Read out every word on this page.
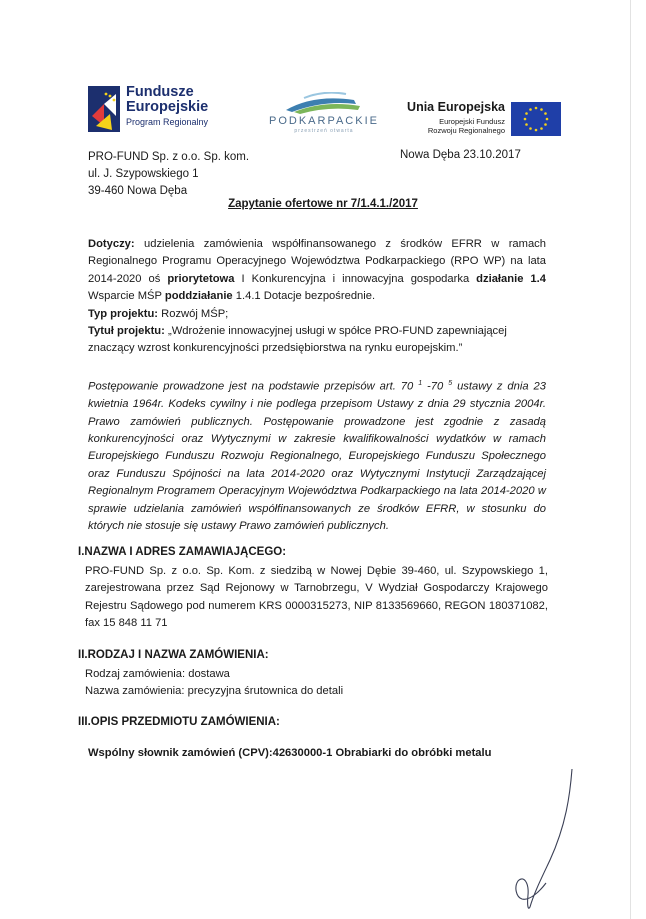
Fundusze
Europejskie
Program Regionalny	PODKARPACKIE
przestrzeń otwarta
Unia Europejska
Europejski Fundusz
Rozwoju Regionalnego
PRO-FUND Sp. z o.o. Sp. kom.
ul. J. Szypowskiego 1
39-460 Nowa Dęba
Nowa Dęba 23.10.2017
Zapytanie ofertowe nr 7/1.4.1./2017
Dotyczy: udzielenia zamówienia współfinansowanego z środków EFRR w ramach Regionalnego Programu Operacyjnego Województwa Podkarpackiego (RPO WP) na lata 2014-2020 oś priorytetowa I Konkurencyjna i innowacyjna gospodarka działanie 1.4 Wsparcie MŚP poddziałanie 1.4.1 Dotacje bezpośrednie.
Typ projektu: Rozwój MŚP;
Tytuł projektu: „Wdrożenie innowacyjnej usługi w spółce PRO-FUND zapewniającej znaczący wzrost konkurencyjności przedsiębiorstwa na rynku europejskim.”
Postępowanie prowadzone jest na podstawie przepisów art. 70 $^1$ -70 $^5$ ustawy z dnia 23 kwietnia 1964r. Kodeks cywilny i nie podlega przepisom Ustawy z dnia 29 stycznia 2004r. Prawo zamówień publicznych. Postępowanie prowadzone jest zgodnie z zasadą konkurencyjności oraz Wytycznymi w zakresie kwalifikowalności wydatków w ramach Europejskiego Funduszu Rozwoju Regionalnego, Europejskiego Funduszu Społecznego oraz Funduszu Spójności na lata 2014-2020 oraz Wytycznymi Instytucji Zarządzającej Regionalnym Programem Operacyjnym Województwa Podkarpackiego na lata 2014-2020 w sprawie udzielania zamówień współfinansowanych ze środków EFRR, w stosunku do których nie stosuje się ustawy Prawo zamówień publicznych.
I.NAZWA I ADRES ZAMAWIAJĄCEGO:
PRO-FUND Sp. z o.o. Sp. Kom. z siedzibą w Nowej Dębie 39-460, ul. Szypowskiego 1, zarejestrowana przez Sąd Rejonowy w Tarnobrzegu, V Wydział Gospodarczy Krajowego Rejestru Sądowego pod numerem KRS 0000315273, NIP 8133569660, REGON 180371082, fax 15 848 11 71
II.RODZAJ I NAZWA ZAMÓWIENIA:
Rodzaj zamówienia: dostawa
Nazwa zamówienia: precyzyjna śrutownica do detali
III.OPIS PRZEDMIOTU ZAMÓWIENIA:
Wspólny słownik zamówień (CPV):42630000-1 Obrabiarki do obróbki metalu
